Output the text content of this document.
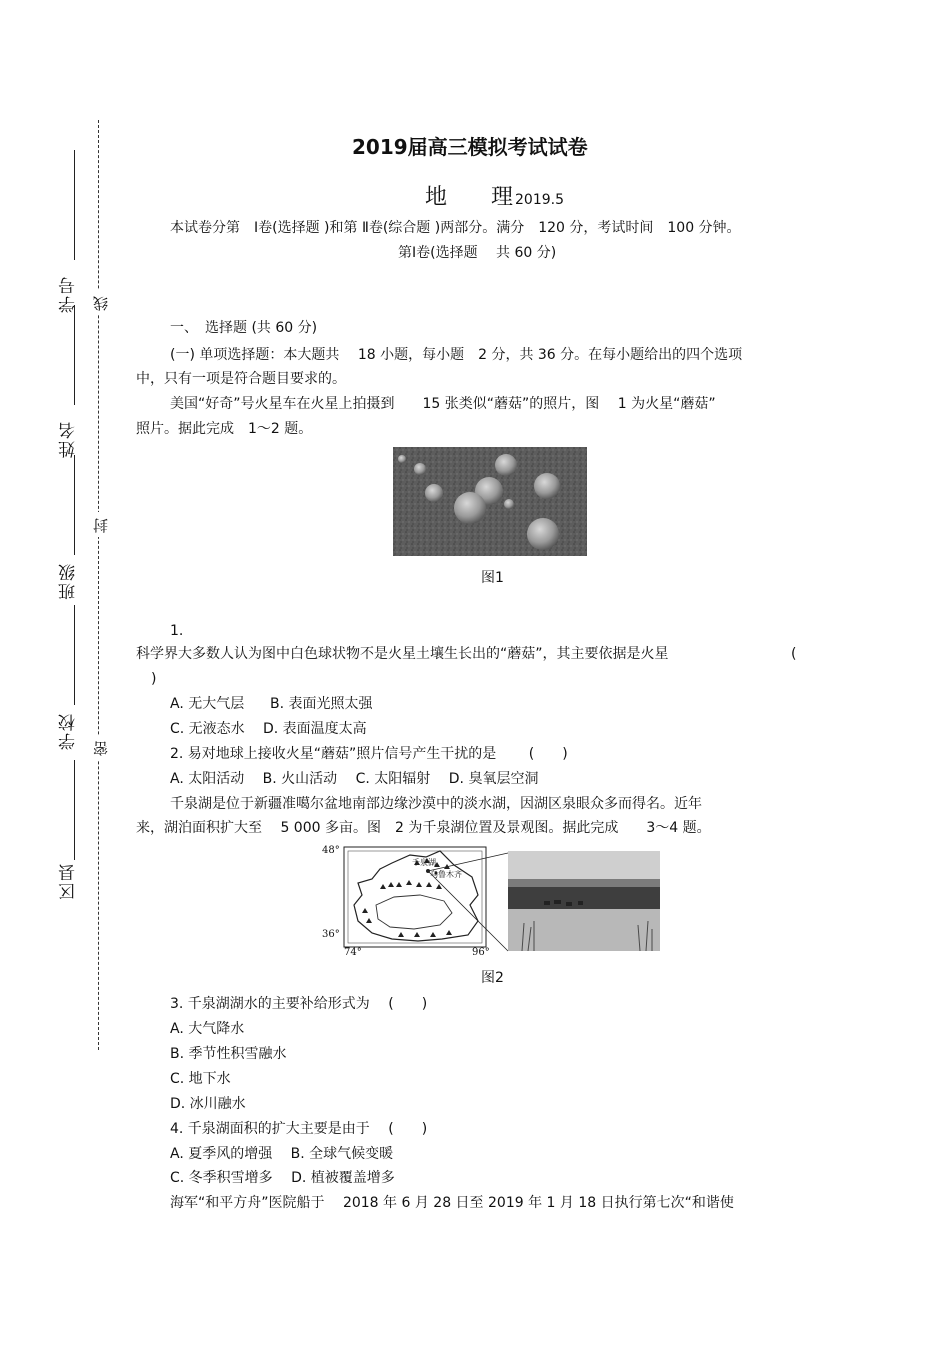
学号
姓名
班级
学校
区县
线
封
密
2019届高三模拟考试试卷
地　　理 2019.5
本试卷分第　Ⅰ卷(选择题 )和第 Ⅱ卷(综合题 )两部分。满分　120 分，考试时间　100 分钟。
第Ⅰ卷(选择题　 共 60 分)
一、　选择题 (共 60 分)
(一) 单项选择题：本大题共　 18 小题，每小题　2 分，共 36 分。在每小题给出的四个选项
中，只有一项是符合题目要求的。
美国“好奇”号火星车在火星上拍摄到　　15 张类似“蘑菇”的照片，图　 1 为火星“蘑菇”
照片。据此完成　1～2 题。
图1
1.
科学界大多数人认为图中白色球状物不是火星土壤生长出的“蘑菇”，其主要依据是火星	(
)
A. 无大气层 B. 表面光照太强
C. 无液态水 D. 表面温度太高
2. 易对地球上接收火星“蘑菇”照片信号产生干扰的是　　 (　　)
A. 太阳活动　 B. 火山活动　 C. 太阳辐射　 D. 臭氧层空洞
千泉湖是位于新疆准噶尔盆地南部边缘沙漠中的淡水湖，因湖区泉眼众多而得名。近年
来，湖泊面积扩大至　 5 000 多亩。图　2 为千泉湖位置及景观图。据此完成　　3～4 题。
48°
36°
74°	96°
千泉湖
乌鲁木齐
图2
3. 千泉湖湖水的主要补给形式为　 (　　)
A. 大气降水
B. 季节性积雪融水
C. 地下水
D. 冰川融水
4. 千泉湖面积的扩大主要是由于　 (　　)
A. 夏季风的增强　 B. 全球气候变暖
C. 冬季积雪增多　 D. 植被覆盖增多
海军“和平方舟”医院船于　 2018 年 6 月 28 日至 2019 年 1 月 18 日执行第七次“和谐使
